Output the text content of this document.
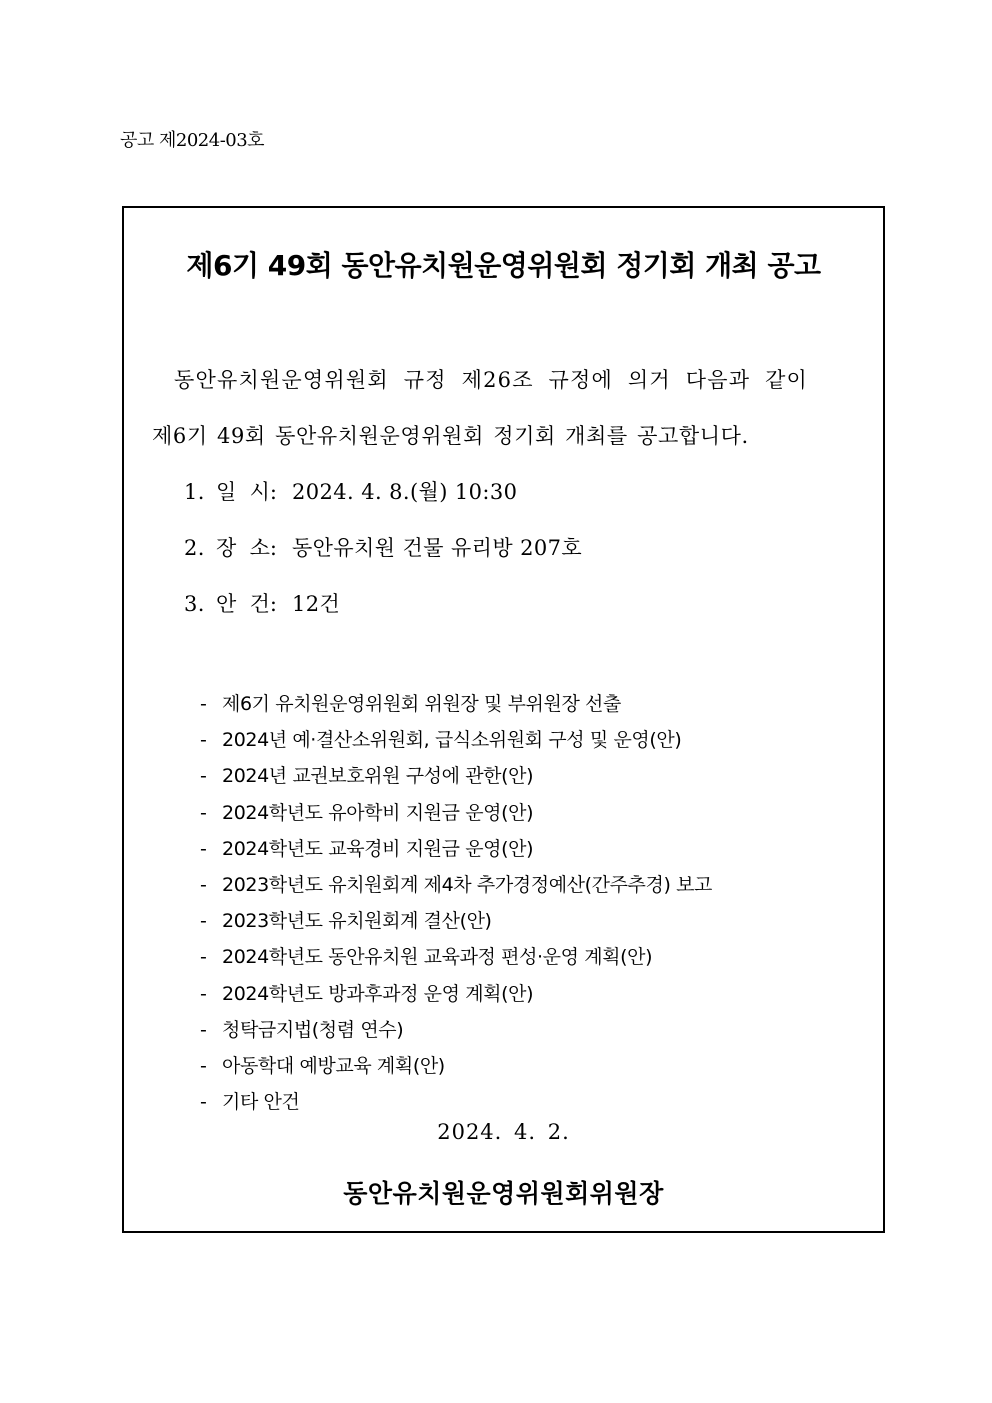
공고 제2024-03호
제6기 49회 동안유치원운영위원회 정기회 개최 공고
동안유치원운영위원회 규정 제26조 규정에 의거 다음과 같이
제6기 49회 동안유치원운영위원회 정기회 개최를 공고합니다.
1. 일  시: 2024. 4. 8.(월) 10:30
2. 장  소: 동안유치원 건물 유리방 207호
3. 안  건: 12건
- 제6기 유치원운영위원회 위원장 및 부위원장 선출
- 2024년 예·결산소위원회, 급식소위원회 구성 및 운영(안)
- 2024년 교권보호위원 구성에 관한(안)
- 2024학년도 유아학비 지원금 운영(안)
- 2024학년도 교육경비 지원금 운영(안)
- 2023학년도 유치원회계 제4차 추가경정예산(간주추경) 보고
- 2023학년도 유치원회계 결산(안)
- 2024학년도 동안유치원 교육과정 편성·운영 계획(안)
- 2024학년도 방과후과정 운영 계획(안)
- 청탁금지법(청렴 연수)
- 아동학대 예방교육 계획(안)
- 기타 안건
2024. 4. 2.
동안유치원운영위원회위원장
